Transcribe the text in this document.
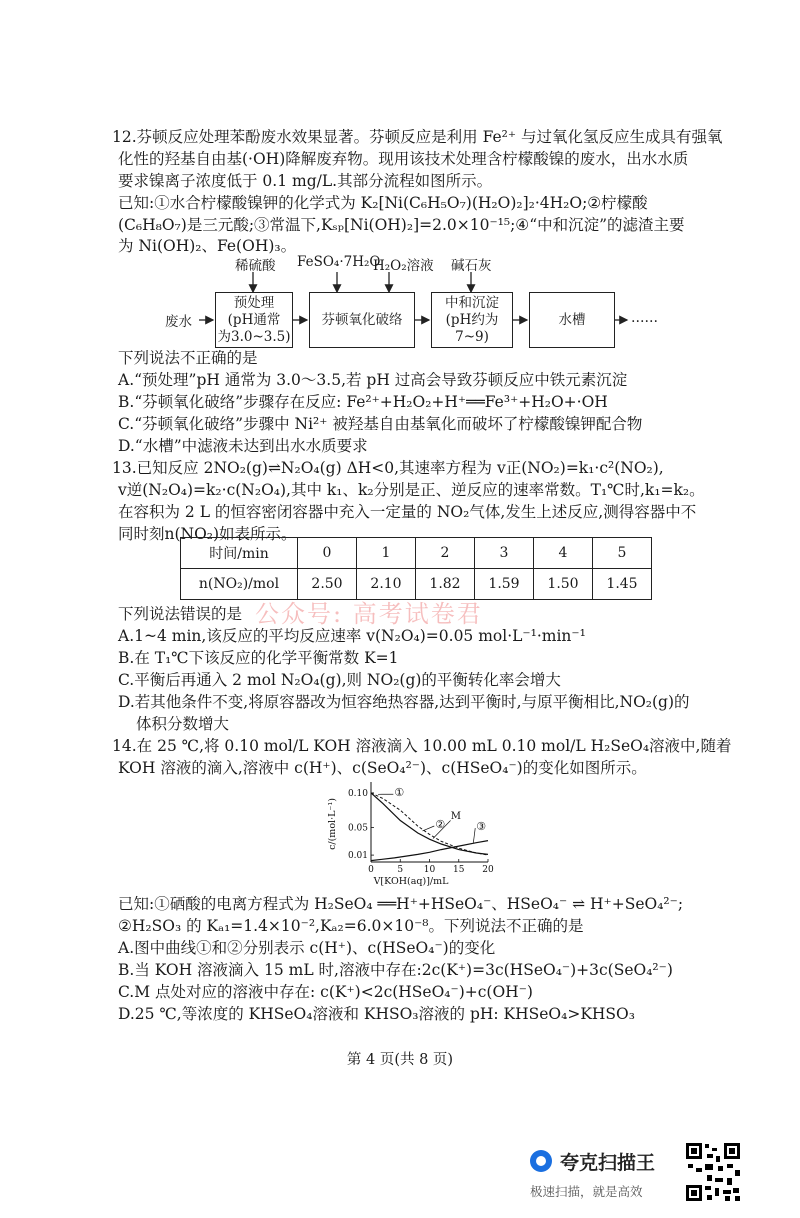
12.芬顿反应处理苯酚废水效果显著。芬顿反应是利用 Fe²⁺ 与过氧化氢反应生成具有强氧
化性的羟基自由基(·OH)降解废弃物。现用该技术处理含柠檬酸镍的废水，出水水质
要求镍离子浓度低于 0.1 mg/L.其部分流程如图所示。
已知:①水合柠檬酸镍钾的化学式为 K₂[Ni(C₆H₅O₇)(H₂O)₂]₂·4H₂O;②柠檬酸
(C₆H₈O₇)是三元酸;③常温下,Kₛₚ[Ni(OH)₂]=2.0×10⁻¹⁵;④“中和沉淀”的滤渣主要
为 Ni(OH)₂、Fe(OH)₃。
废水
预处理
(pH通常
为3.0~3.5)
芬顿氧化破络
中和沉淀
(pH约为7~9)
水槽	……
稀硫酸 FeSO₄·7H₂O
H₂O₂溶液 碱石灰
下列说法不正确的是
A.“预处理”pH 通常为 3.0～3.5,若 pH 过高会导致芬顿反应中铁元素沉淀
B.“芬顿氧化破络”步骤存在反应: Fe²⁺+H₂O₂+H⁺══Fe³⁺+H₂O+·OH
C.“芬顿氧化破络”步骤中 Ni²⁺ 被羟基自由基氧化而破坏了柠檬酸镍钾配合物
D.“水槽”中滤液未达到出水水质要求
13.已知反应 2NO₂(g)⇌N₂O₄(g) ΔH<0,其速率方程为 v正(NO₂)=k₁·c²(NO₂),
v逆(N₂O₄)=k₂·c(N₂O₄),其中 k₁、k₂分别是正、逆反应的速率常数。T₁℃时,k₁=k₂。
在容积为 2 L 的恒容密闭容器中充入一定量的 NO₂气体,发生上述反应,测得容器中不
同时刻n(NO₂)如表所示。
时间/min	0	1	2	3	4	5
n(NO₂)/mol	2.50	2.10	1.82	1.59	1.50	1.45
公众号: 高考试卷君
下列说法错误的是
A.1~4 min,该反应的平均反应速率 v(N₂O₄)=0.05 mol·L⁻¹·min⁻¹
B.在 T₁℃下该反应的化学平衡常数 K=1
C.平衡后再通入 2 mol N₂O₄(g),则 NO₂(g)的平衡转化率会增大
D.若其他条件不变,将原容器改为恒容绝热容器,达到平衡时,与原平衡相比,NO₂(g)的
体积分数增大
14.在 25 ℃,将 0.10 mol/L KOH 溶液滴入 10.00 mL 0.10 mol/L H₂SeO₄溶液中,随着
KOH 溶液的滴入,溶液中 c(H⁺)、c(SeO₄²⁻)、c(HSeO₄⁻)的变化如图所示。
0	5 10 15 20
0.01
0.05
0.10
V[KOH(aq)]/mL
c/(mol·L⁻¹)
①
②	③
M
已知:①硒酸的电离方程式为 H₂SeO₄ ══H⁺+HSeO₄⁻、HSeO₄⁻ ⇌ H⁺+SeO₄²⁻;
②H₂SO₃ 的 Kₐ₁=1.4×10⁻²,Kₐ₂=6.0×10⁻⁸。下列说法不正确的是
A.图中曲线①和②分别表示 c(H⁺)、c(HSeO₄⁻)的变化
B.当 KOH 溶液滴入 15 mL 时,溶液中存在:2c(K⁺)=3c(HSeO₄⁻)+3c(SeO₄²⁻)
C.M 点处对应的溶液中存在: c(K⁺)<2c(HSeO₄⁻)+c(OH⁻)
D.25 ℃,等浓度的 KHSeO₄溶液和 KHSO₃溶液的 pH: KHSeO₄>KHSO₃
第 4 页(共 8 页)
夸克扫描王
极速扫描，就是高效
